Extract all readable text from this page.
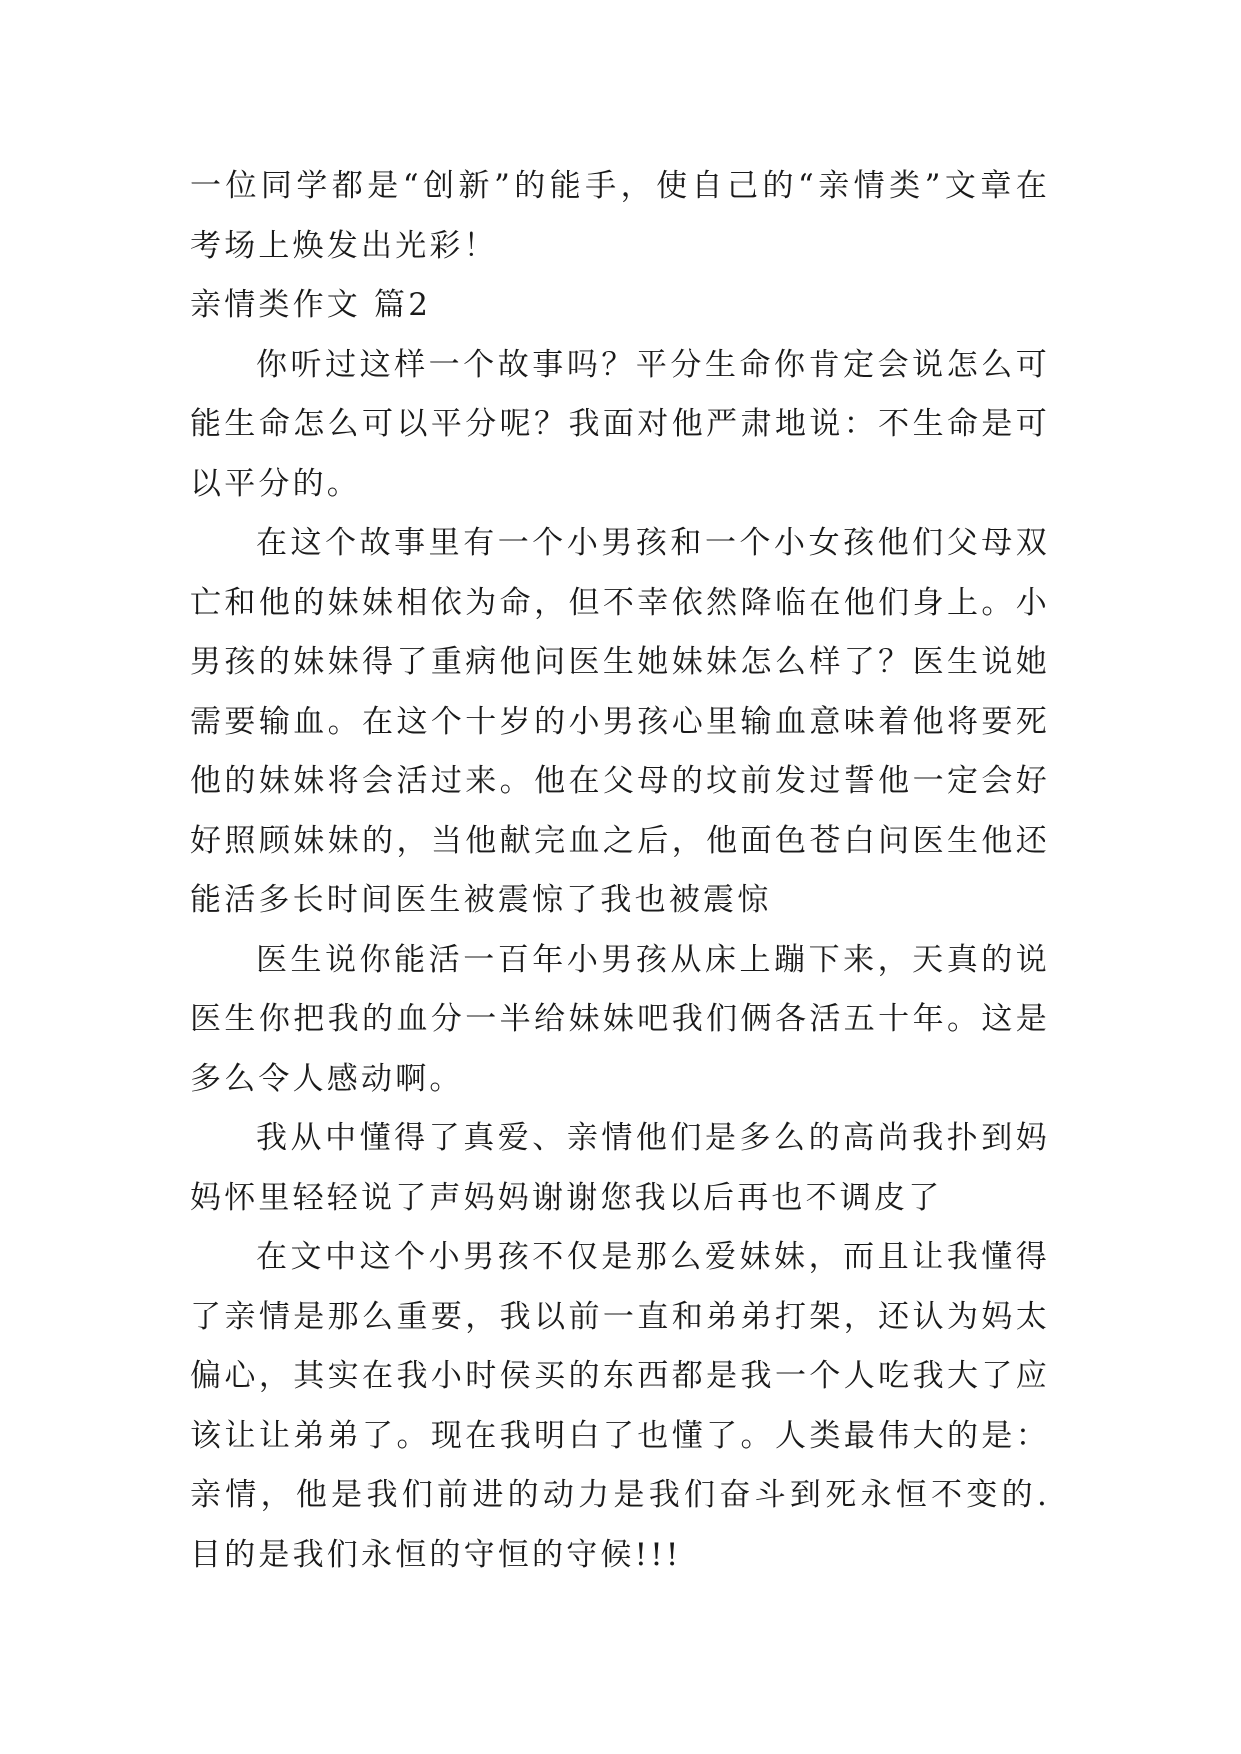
一位同学都是“创新”的能手，使自己的“亲情类”文章在考场上焕发出光彩！

亲情类作文 篇2

你听过这样一个故事吗？平分生命你肯定会说怎么可能生命怎么可以平分呢？我面对他严肃地说：不生命是可以平分的。

在这个故事里有一个小男孩和一个小女孩他们父母双亡和他的妹妹相依为命，但不幸依然降临在他们身上。小男孩的妹妹得了重病他问医生她妹妹怎么样了？医生说她需要输血。在这个十岁的小男孩心里输血意味着他将要死他的妹妹将会活过来。他在父母的坟前发过誓他一定会好好照顾妹妹的，当他献完血之后，他面色苍白问医生他还能活多长时间医生被震惊了我也被震惊

医生说你能活一百年小男孩从床上蹦下来，天真的说医生你把我的血分一半给妹妹吧我们俩各活五十年。这是多么令人感动啊。

我从中懂得了真爱、亲情他们是多么的高尚我扑到妈妈怀里轻轻说了声妈妈谢谢您我以后再也不调皮了

在文中这个小男孩不仅是那么爱妹妹，而且让我懂得了亲情是那么重要，我以前一直和弟弟打架，还认为妈太偏心，其实在我小时侯买的东西都是我一个人吃我大了应该让让弟弟了。现在我明白了也懂了。人类最伟大的是：亲情，他是我们前进的动力是我们奋斗到死永恒不变的.目的是我们永恒的守恒的守候!!!
